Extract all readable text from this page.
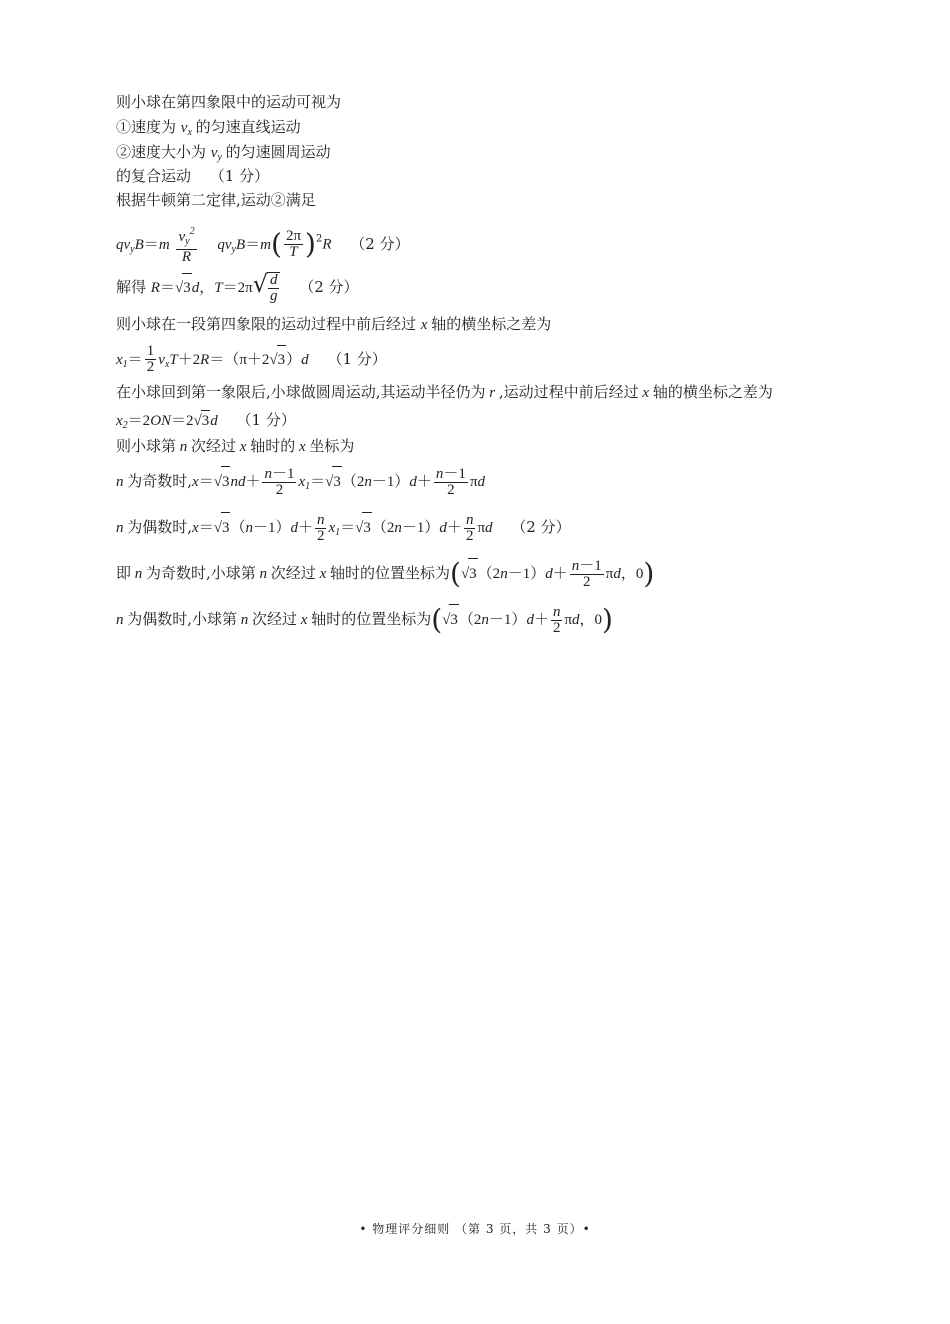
则小球在第四象限中的运动可视为
①速度为 $v_x$ 的匀速直线运动
②速度大小为 $v_y$ 的匀速圆周运动
的复合运动 （1 分）
根据牛顿第二定律,运动②满足
$qv_yB=m \frac{v_y^2}{R} qv_yB=m( \frac{2\pi}{T} )^2R$ （2 分）
解得 R＝√3d，$T=2\pi√ \frac{d}{g} (2$ 分）
则小球在一段第四象限的运动过程中前后经过 x 轴的横坐标之差为
$x_1= \frac{1}{2} v_xT+2R=(\pi+2√3)d$ （1 分）
在小球回到第一象限后,小球做圆周运动,其运动半径仍为 r ,运动过程中前后经过 x 轴的横坐标之差为
$x_2=2ON=2√3d$ （1 分）
则小球第 n 次经过 x 轴时的 x 坐标为
n 为奇数时$,x=√3nd+ \frac{n-1}{2} x_1=√3(2n-1)d+ \frac{n-1}{2}$ πd
n 为偶数时$,x=√3(n-1)d+ \frac{n}{2} x_1=√3(2n-1)d+ \frac{n}{2}$ πd （2 分）
即 n 为奇数时,小球第 n 次经过 x 轴时的位置坐标为($√3(2n-1)d+ \frac{n-1}{2}$ πd，0)
n 为偶数时,小球第 n 次经过 x 轴时的位置坐标为($√3(2n-1)d+ \frac{n}{2}$ πd，0)
• 物理评分细则 （第 3 页，共 3 页）•
